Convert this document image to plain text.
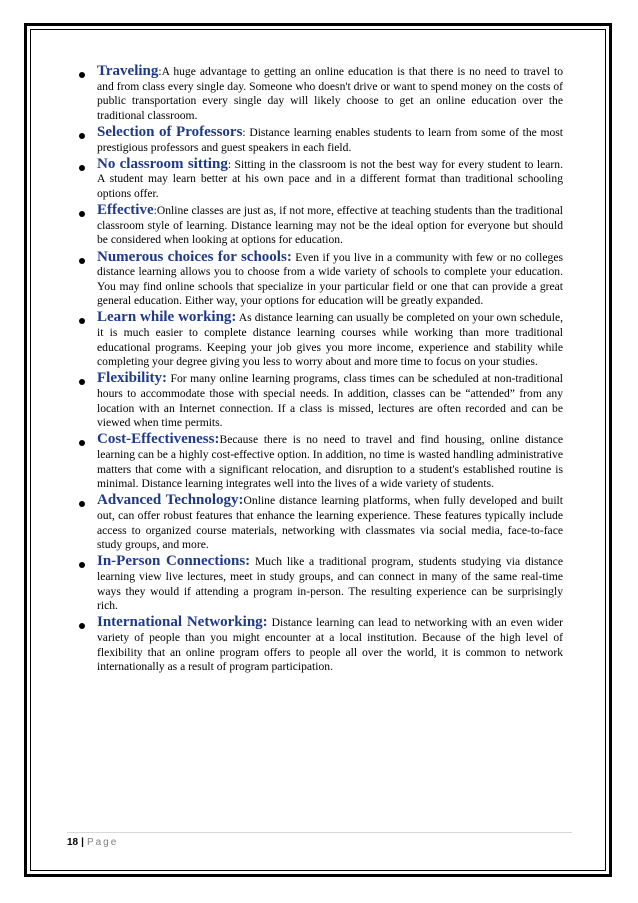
Traveling:A huge advantage to getting an online education is that there is no need to travel to and from class every single day. Someone who doesn't drive or want to spend money on the costs of public transportation every single day will likely choose to get an online education over the traditional classroom.

Selection of Professors: Distance learning enables students to learn from some of the most prestigious professors and guest speakers in each field.

No classroom sitting: Sitting in the classroom is not the best way for every student to learn. A student may learn better at his own pace and in a different format than traditional schooling options offer.

Effective:Online classes are just as, if not more, effective at teaching students than the traditional classroom style of learning. Distance learning may not be the ideal option for everyone but should be considered when looking at options for education.

Numerous choices for schools: Even if you live in a community with few or no colleges distance learning allows you to choose from a wide variety of schools to complete your education. You may find online schools that specialize in your particular field or one that can provide a great general education. Either way, your options for education will be greatly expanded.

Learn while working: As distance learning can usually be completed on your own schedule, it is much easier to complete distance learning courses while working than more traditional educational programs. Keeping your job gives you more income, experience and stability while completing your degree giving you less to worry about and more time to focus on your studies.

Flexibility: For many online learning programs, class times can be scheduled at non-traditional hours to accommodate those with special needs. In addition, classes can be “attended” from any location with an Internet connection. If a class is missed, lectures are often recorded and can be viewed when time permits.

Cost-Effectiveness:Because there is no need to travel and find housing, online distance learning can be a highly cost-effective option. In addition, no time is wasted handling administrative matters that come with a significant relocation, and disruption to a student's established routine is minimal. Distance learning integrates well into the lives of a wide variety of students.

Advanced Technology:Online distance learning platforms, when fully developed and built out, can offer robust features that enhance the learning experience. These features typically include access to organized course materials, networking with classmates via social media, face-to-face study groups, and more.

In-Person Connections: Much like a traditional program, students studying via distance learning view live lectures, meet in study groups, and can connect in many of the same real-time ways they would if attending a program in-person. The resulting experience can be surprisingly rich.

International Networking: Distance learning can lead to networking with an even wider variety of people than you might encounter at a local institution. Because of the high level of flexibility that an online program offers to people all over the world, it is common to network internationally as a result of program participation.

18 | Page
